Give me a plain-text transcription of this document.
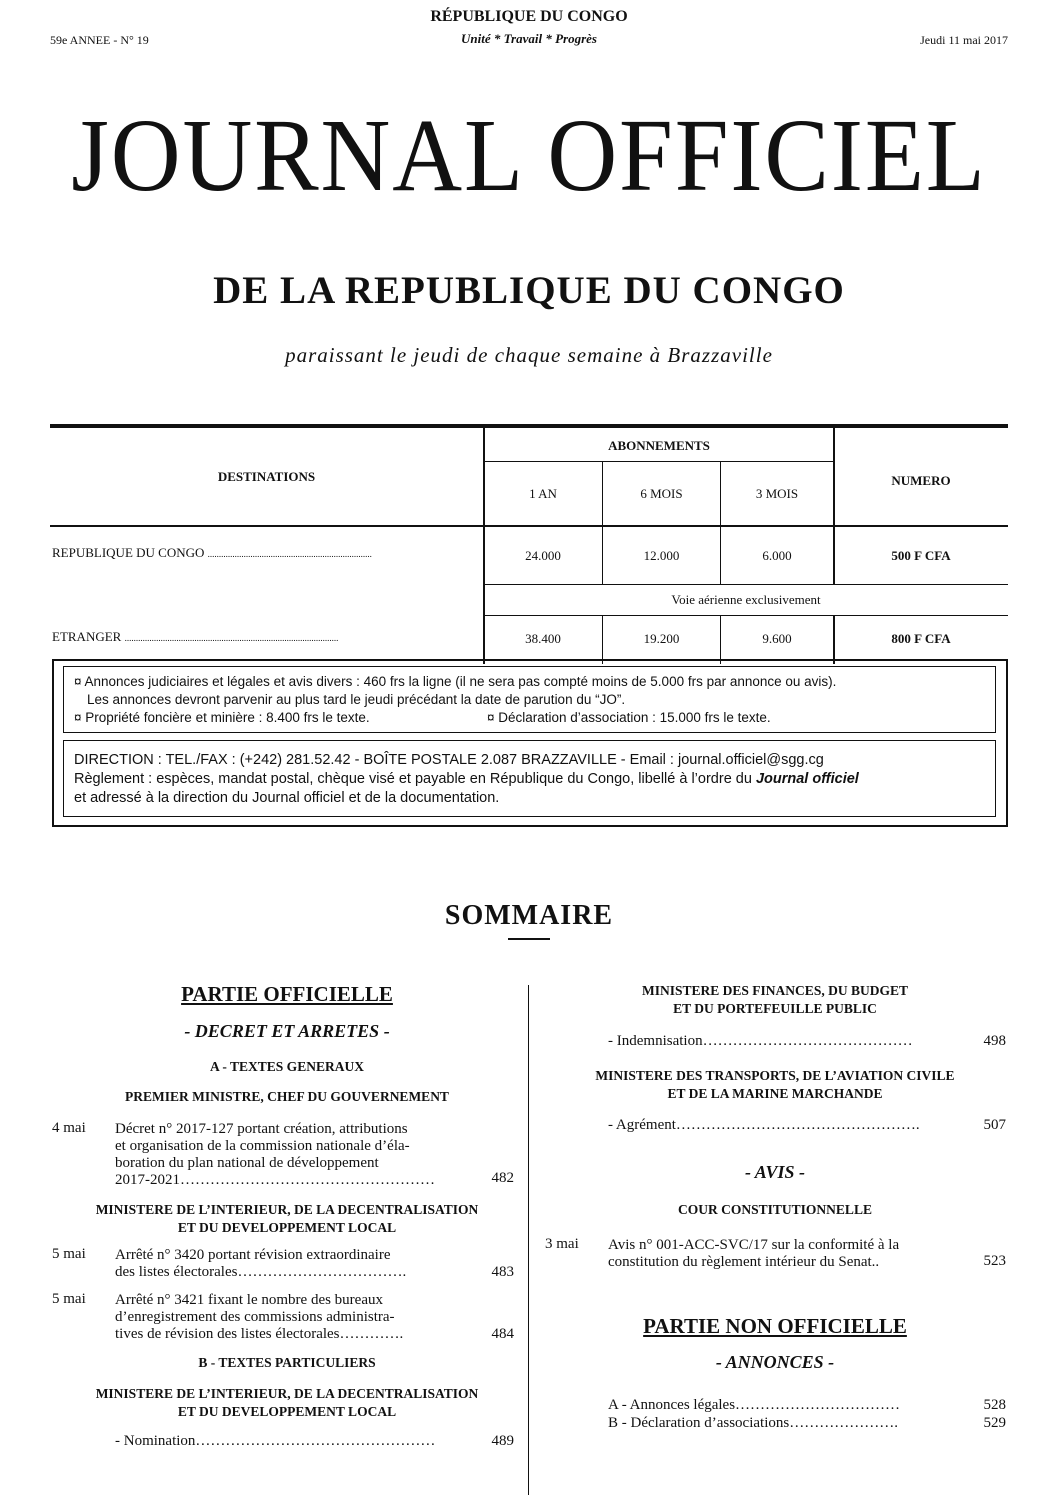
RÉPUBLIQUE DU CONGO
59e ANNEE - N° 19	Unité * Travail * Progrès	Jeudi 11 mai 2017
JOURNAL OFFICIEL
DE LA REPUBLIQUE DU CONGO
paraissant le jeudi de chaque semaine à Brazzaville
DESTINATIONS
ABONNEMENTS
NUMERO
1 AN	6 MOIS	3 MOIS
REPUBLIQUE DU CONGO .........................................................................	24.000	12.000	6.000	500 F CFA
Voie aérienne exclusivement
ETRANGER ...............................................................................................	38.400	19.200	9.600	800 F CFA
¤ Annonces judiciaires et légales et avis divers : 460 frs la ligne (il ne sera pas compté moins de 5.000 frs par annonce ou avis).
Les annonces devront parvenir au plus tard le jeudi précédant la date de parution du “JO”.
¤ Propriété foncière et minière : 8.400 frs le texte.	¤ Déclaration d’association : 15.000 frs le texte.
DIRECTION : TEL./FAX : (+242) 281.52.42 - BOÎTE POSTALE 2.087 BRAZZAVILLE - Email : journal.officiel@sgg.cg
Règlement : espèces, mandat postal, chèque visé et payable en République du Congo, libellé à l’ordre du Journal officiel
et adressé à la direction du Journal officiel et de la documentation.
SOMMAIRE
PARTIE OFFICIELLE
- DECRET ET ARRETES -
A - TEXTES GENERAUX
PREMIER MINISTRE, CHEF DU GOUVERNEMENT
4 mai Décret n° 2017-127 portant création, attributions
et organisation de la commission nationale d’éla-
boration du plan national de développement
2017-2021……………………………………………	482
MINISTERE DE L’INTERIEUR, DE LA DECENTRALISATION
ET DU DEVELOPPEMENT LOCAL
5 mai Arrêté n° 3420 portant révision extraordinaire
des listes électorales…………………………….	483
5 mai Arrêté n° 3421 fixant le nombre des bureaux
d’enregistrement des commissions administra-
tives de révision des listes électorales………….	484
B - TEXTES PARTICULIERS
MINISTERE DE L’INTERIEUR, DE LA DECENTRALISATION
ET DU DEVELOPPEMENT LOCAL
- Nomination…………………………………………	489
MINISTERE DES FINANCES, DU BUDGET
ET DU PORTEFEUILLE PUBLIC
- Indemnisation……………………………………	498
MINISTERE DES TRANSPORTS, DE L’AVIATION CIVILE
ET DE LA MARINE MARCHANDE
- Agrément………………………………………….	507
- AVIS -
COUR CONSTITUTIONNELLE
3 mai Avis n° 001-ACC-SVC/17 sur la conformité à la
constitution du règlement intérieur du Senat..	523
PARTIE NON OFFICIELLE
- ANNONCES -
A - Annonces légales……………………………	528
B - Déclaration d’associations………………….	529
